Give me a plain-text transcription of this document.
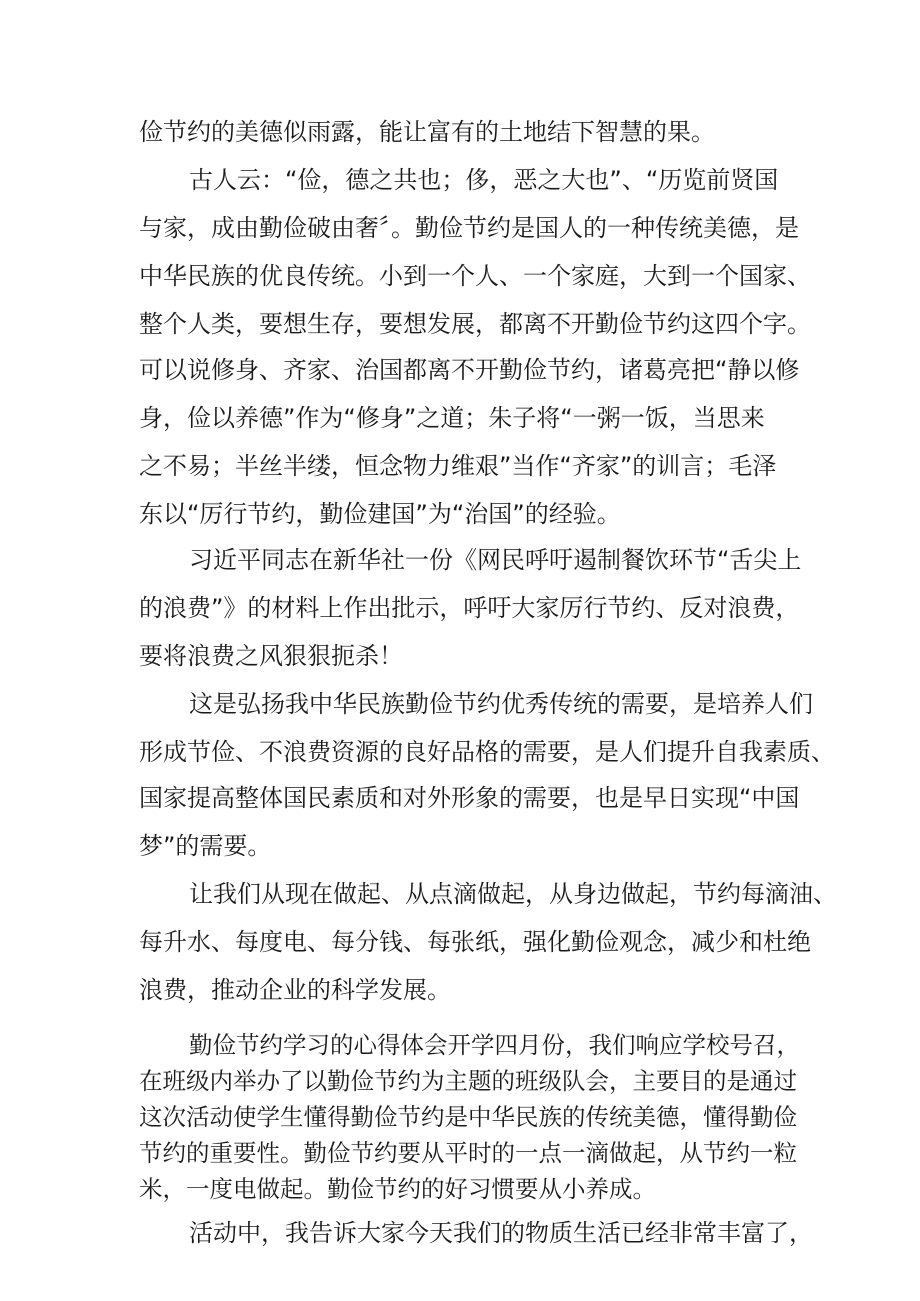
俭节约的美德似雨露，能让富有的土地结下智慧的果。
古人云：“俭，德之共也；侈，恶之大也”、“历览前贤国
与家，成由勤俭破由奢〞。勤俭节约是国人的一种传统美德，是
中华民族的优良传统。小到一个人、一个家庭，大到一个国家、
整个人类，要想生存，要想发展，都离不开勤俭节约这四个字。
可以说修身、齐家、治国都离不开勤俭节约，诸葛亮把“静以修
身，俭以养德”作为“修身”之道；朱子将“一粥一饭，当思来
之不易；半丝半缕，恒念物力维艰”当作“齐家”的训言；毛泽
东以“厉行节约，勤俭建国”为“治国”的经验。
习近平同志在新华社一份《网民呼吁遏制餐饮环节“舌尖上
的浪费”》的材料上作出批示，呼吁大家厉行节约、反对浪费，
要将浪费之风狠狠扼杀！
这是弘扬我中华民族勤俭节约优秀传统的需要，是培养人们
形成节俭、不浪费资源的良好品格的需要，是人们提升自我素质、
国家提高整体国民素质和对外形象的需要，也是早日实现“中国
梦”的需要。
让我们从现在做起、从点滴做起，从身边做起，节约每滴油、
每升水、每度电、每分钱、每张纸，强化勤俭观念，减少和杜绝
浪费，推动企业的科学发展。
勤俭节约学习的心得体会开学四月份，我们响应学校号召，
在班级内举办了以勤俭节约为主题的班级队会，主要目的是通过
这次活动使学生懂得勤俭节约是中华民族的传统美德，懂得勤俭
节约的重要性。勤俭节约要从平时的一点一滴做起，从节约一粒
米，一度电做起。勤俭节约的好习惯要从小养成。
活动中，我告诉大家今天我们的物质生活已经非常丰富了，
